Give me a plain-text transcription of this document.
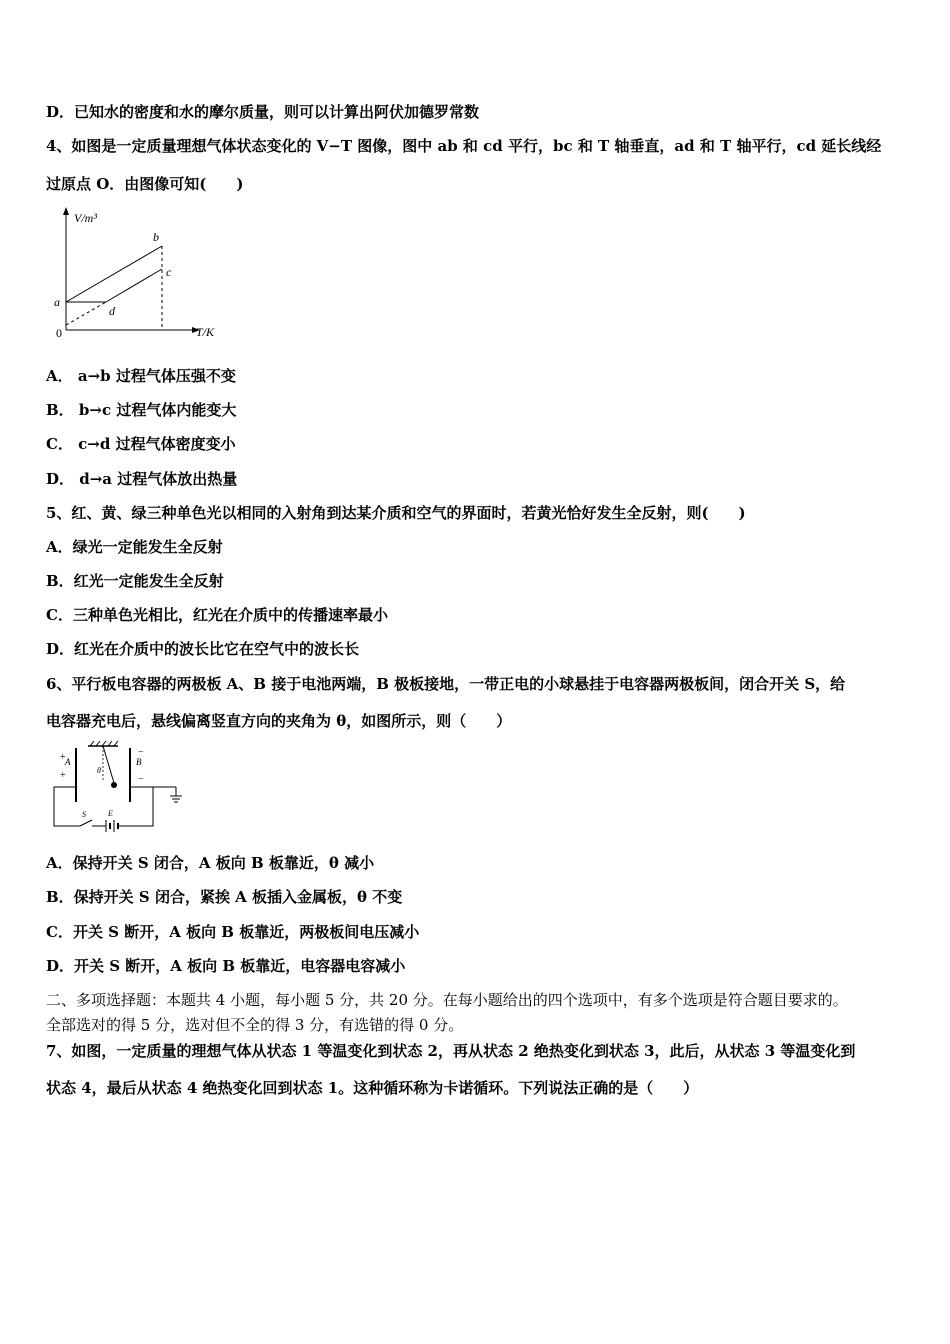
D．已知水的密度和水的摩尔质量，则可以计算出阿伏加德罗常数
4、如图是一定质量理想气体状态变化的 V−T 图像，图中 ab 和 cd 平行，bc 和 T 轴垂直，ad 和 T 轴平行，cd 延长线经
过原点 O．由图像可知(　　)
V/m³
T/K
0
a
b
c
d
A． a→b 过程气体压强不变
B． b→c 过程气体内能变大
C． c→d 过程气体密度变小
D． d→a 过程气体放出热量
5、红、黄、绿三种单色光以相同的入射角到达某介质和空气的界面时，若黄光恰好发生全反射，则(　　)
A．绿光一定能发生全反射
B．红光一定能发生全反射
C．三种单色光相比，红光在介质中的传播速率最小
D．红光在介质中的波长比它在空气中的波长长
6、平行板电容器的两极板 A、B 接于电池两端，B 极板接地，一带正电的小球悬挂于电容器两极板间，闭合开关 S，给
电容器充电后，悬线偏离竖直方向的夹角为 θ，如图所示，则（　　）
+
+
A
−
−
B
θ
S	E
A．保持开关 S 闭合，A 板向 B 板靠近，θ 减小
B．保持开关 S 闭合，紧挨 A 板插入金属板，θ 不变
C．开关 S 断开，A 板向 B 板靠近，两极板间电压减小
D．开关 S 断开，A 板向 B 板靠近，电容器电容减小
二、多项选择题：本题共 4 小题，每小题 5 分，共 20 分。在每小题给出的四个选项中，有多个选项是符合题目要求的。
全部选对的得 5 分，选对但不全的得 3 分，有选错的得 0 分。
7、如图，一定质量的理想气体从状态 1 等温变化到状态 2，再从状态 2 绝热变化到状态 3，此后，从状态 3 等温变化到
状态 4，最后从状态 4 绝热变化回到状态 1。这种循环称为卡诺循环。下列说法正确的是（　　）
